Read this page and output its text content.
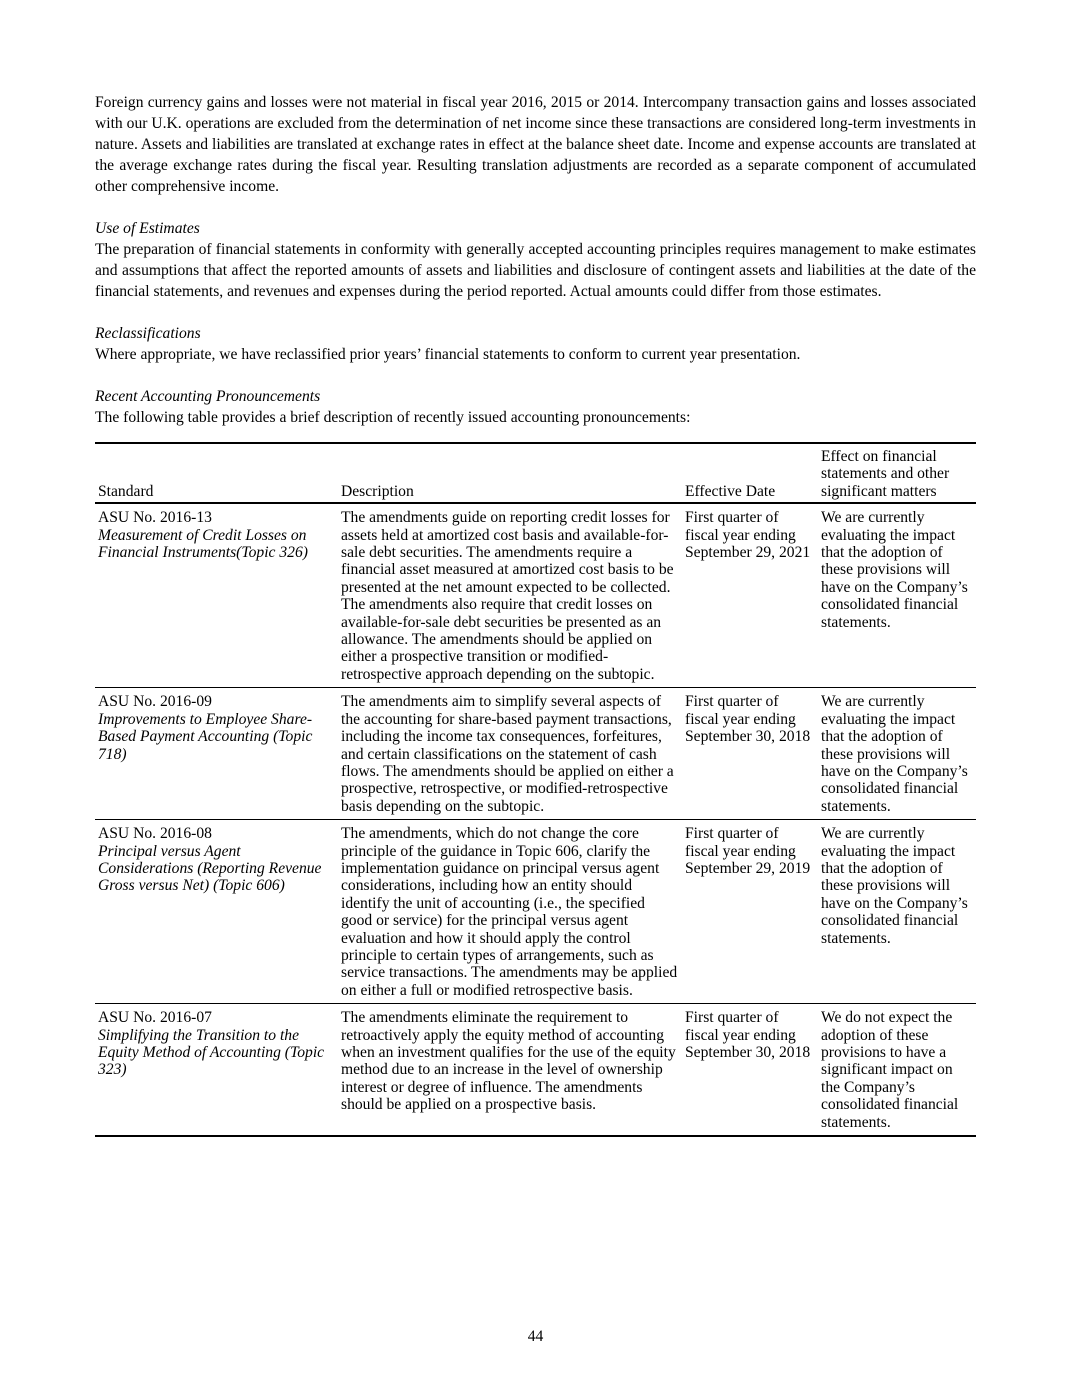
Foreign currency gains and losses were not material in fiscal year 2016, 2015 or 2014. Intercompany transaction gains and losses associated with our U.K. operations are excluded from the determination of net income since these transactions are considered long-term investments in nature. Assets and liabilities are translated at exchange rates in effect at the balance sheet date. Income and expense accounts are translated at the average exchange rates during the fiscal year. Resulting translation adjustments are recorded as a separate component of accumulated other comprehensive income.

Use of Estimates

The preparation of financial statements in conformity with generally accepted accounting principles requires management to make estimates and assumptions that affect the reported amounts of assets and liabilities and disclosure of contingent assets and liabilities at the date of the financial statements, and revenues and expenses during the period reported. Actual amounts could differ from those estimates.

Reclassifications

Where appropriate, we have reclassified prior years’ financial statements to conform to current year presentation.

Recent Accounting Pronouncements

The following table provides a brief description of recently issued accounting pronouncements:

Standard	Description	Effective Date	Effect on financial statements and other significant matters

ASU No. 2016-13
Measurement of Credit Losses on Financial Instruments(Topic 326)	The amendments guide on reporting credit losses for assets held at amortized cost basis and available-for-sale debt securities. The amendments require a financial asset measured at amortized cost basis to be presented at the net amount expected to be collected. The amendments also require that credit losses on available-for-sale debt securities be presented as an allowance. The amendments should be applied on either a prospective transition or modified-retrospective approach depending on the subtopic.	First quarter of fiscal year ending September 29, 2021	We are currently evaluating the impact that the adoption of these provisions will have on the Company’s consolidated financial statements.

ASU No. 2016-09
Improvements to Employee Share-Based Payment Accounting (Topic 718)	The amendments aim to simplify several aspects of the accounting for share-based payment transactions, including the income tax consequences, forfeitures, and certain classifications on the statement of cash flows. The amendments should be applied on either a prospective, retrospective, or modified-retrospective basis depending on the subtopic.	First quarter of fiscal year ending September 30, 2018	We are currently evaluating the impact that the adoption of these provisions will have on the Company’s consolidated financial statements.

ASU No. 2016-08
Principal versus Agent Considerations (Reporting Revenue Gross versus Net) (Topic 606)	The amendments, which do not change the core principle of the guidance in Topic 606, clarify the implementation guidance on principal versus agent considerations, including how an entity should identify the unit of accounting (i.e., the specified good or service) for the principal versus agent evaluation and how it should apply the control principle to certain types of arrangements, such as service transactions. The amendments may be applied on either a full or modified retrospective basis.	First quarter of fiscal year ending September 29, 2019	We are currently evaluating the impact that the adoption of these provisions will have on the Company’s consolidated financial statements.

ASU No. 2016-07
Simplifying the Transition to the Equity Method of Accounting (Topic 323)	The amendments eliminate the requirement to retroactively apply the equity method of accounting when an investment qualifies for the use of the equity method due to an increase in the level of ownership interest or degree of influence. The amendments should be applied on a prospective basis.	First quarter of fiscal year ending September 30, 2018	We do not expect the adoption of these provisions to have a significant impact on the Company’s consolidated financial statements.
44
